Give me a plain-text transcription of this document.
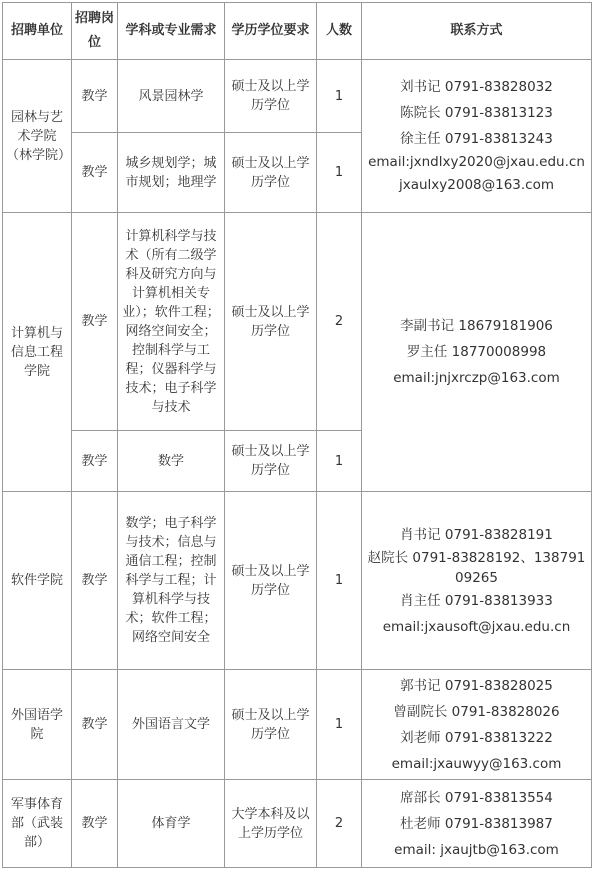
招聘单位	招聘岗位	学科或专业需求	学历学位要求	人数	联系方式
园林与艺术学院（林学院）	教学	风景园林学	硕士及以上学历学位	1	刘书记 0791-83828032
陈院长 0791-83813123
徐主任 0791-83813243
email:jxndlxy2020@jxau.edu.cn
jxaulxy2008@163.com

	教学	城乡规划学；城市规划；地理学	硕士及以上学历学位	1	
计算机与信息工程学院	教学	计算机科学与技术（所有二级学科及研究方向与计算机相关专业）；软件工程；网络空间安全；控制科学与工程；仪器科学与技术；电子科学与技术	硕士及以上学历学位	2	李副书记 18679181906
罗主任 18770008998
email:jnjxrczp@163.com

	教学	数学	硕士及以上学历学位	1	
软件学院	教学	数学；电子科学与技术；信息与通信工程；控制科学与工程；计算机科学与技术；软件工程；网络空间安全	硕士及以上学历学位	1	肖书记 0791-83828191
赵院长 0791-83828192、13879109265
肖主任 0791-83813933
email:jxausoft@jxau.edu.cn

外国语学院	教学	外国语言文学	硕士及以上学历学位	1	郭书记 0791-83828025
曾副院长 0791-83828026
刘老师 0791-83813222
email:jxauwyy@163.com

军事体育部（武装部）	教学	体育学	大学本科及以上学历学位	2	席部长 0791-83813554
杜老师 0791-83813987
email: jxaujtb@163.com
